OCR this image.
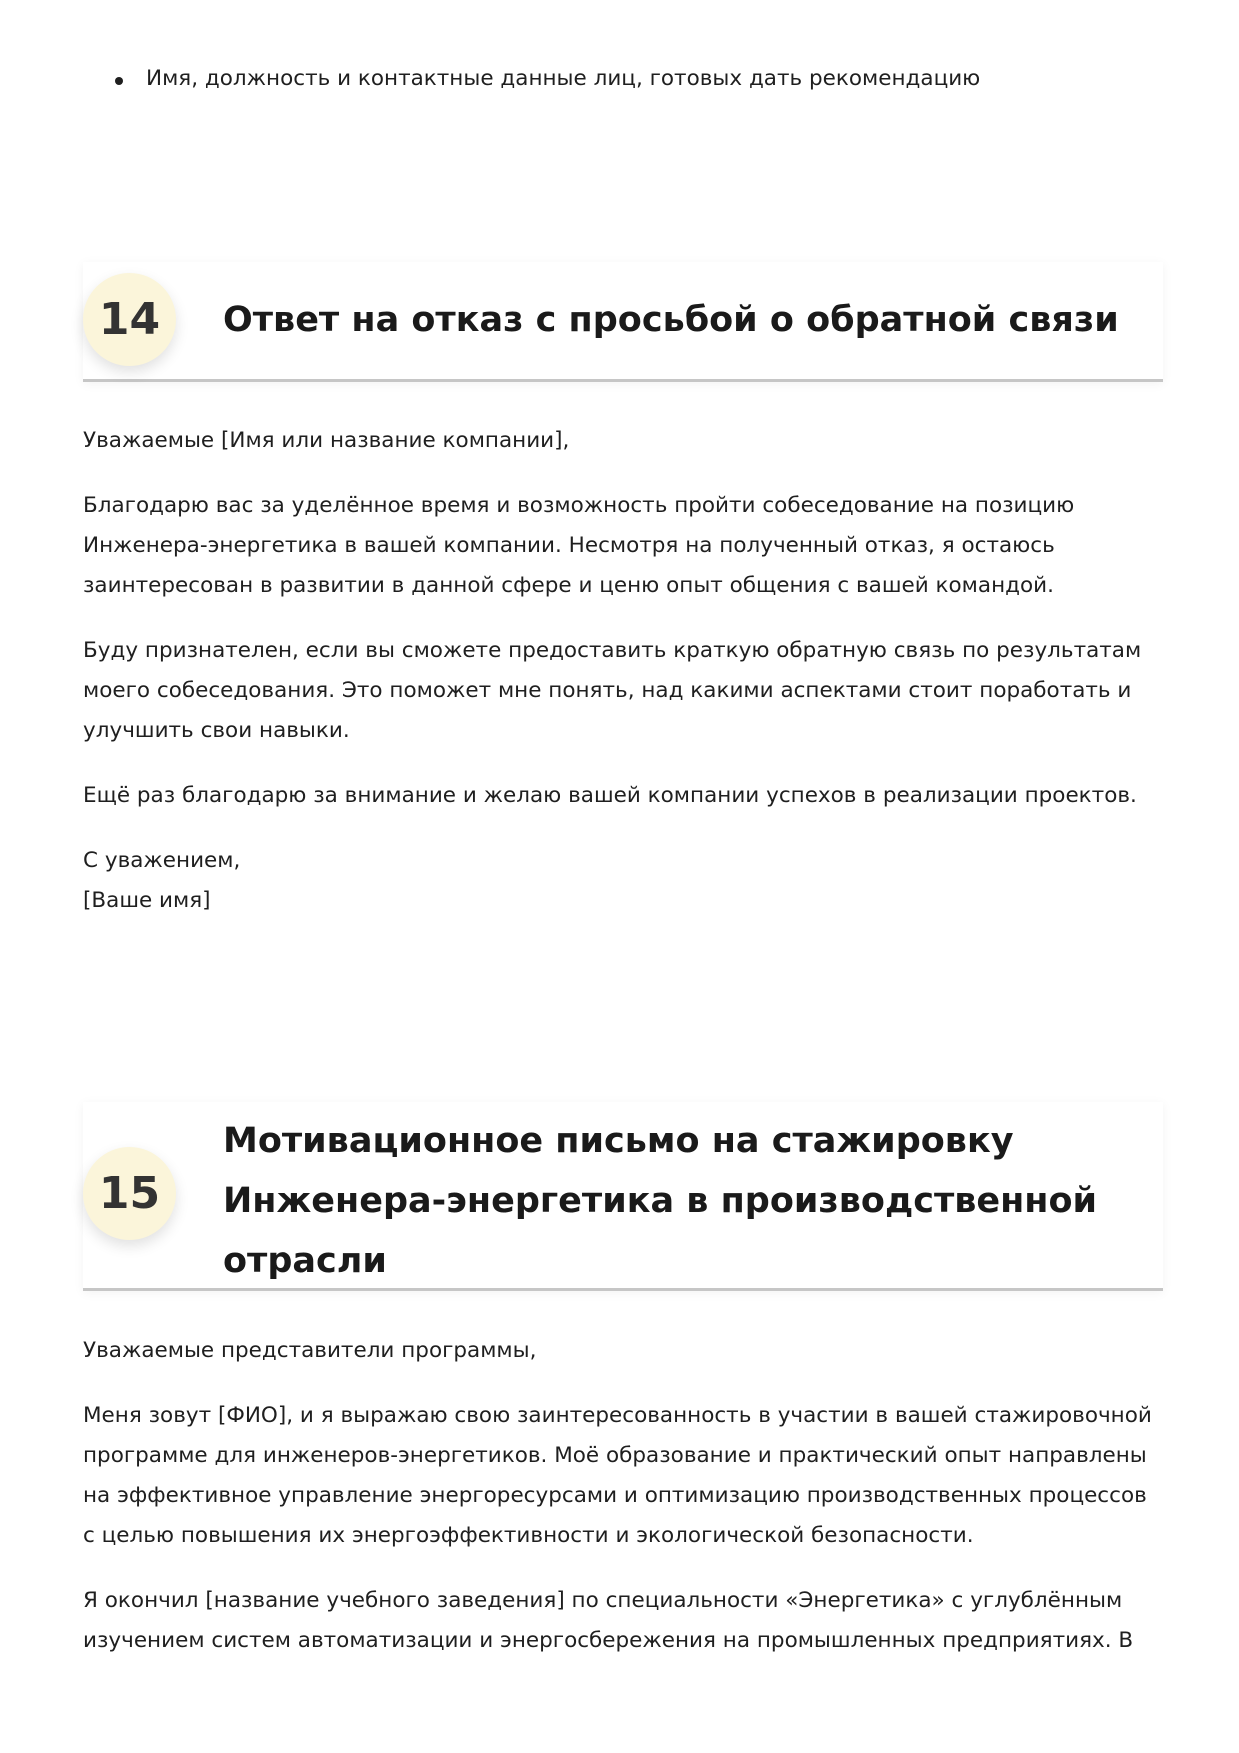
Имя, должность и контактные данные лиц, готовых дать рекомендацию
14	Ответ на отказ с просьбой о обратной связи

Уважаемые [Имя или название компании],

Благодарю вас за уделённое время и возможность пройти собеседование на позицию Инженера-энергетика в вашей компании. Несмотря на полученный отказ, я остаюсь заинтересован в развитии в данной сфере и ценю опыт общения с вашей командой.

Буду признателен, если вы сможете предоставить краткую обратную связь по результатам моего собеседования. Это поможет мне понять, над какими аспектами стоит поработать и улучшить свои навыки.

Ещё раз благодарю за внимание и желаю вашей компании успехов в реализации проектов.

С уважением,
[Ваше имя]

15
Мотивационное письмо на стажировку Инженера-энергетика в производственной отрасли

Уважаемые представители программы,

Меня зовут [ФИО], и я выражаю свою заинтересованность в участии в вашей стажировочной программе для инженеров-энергетиков. Моё образование и практический опыт направлены на эффективное управление энергоресурсами и оптимизацию производственных процессов с целью повышения их энергоэффективности и экологической безопасности.

Я окончил [название учебного заведения] по специальности «Энергетика» с углублённым изучением систем автоматизации и энергосбережения на промышленных предприятиях. В
